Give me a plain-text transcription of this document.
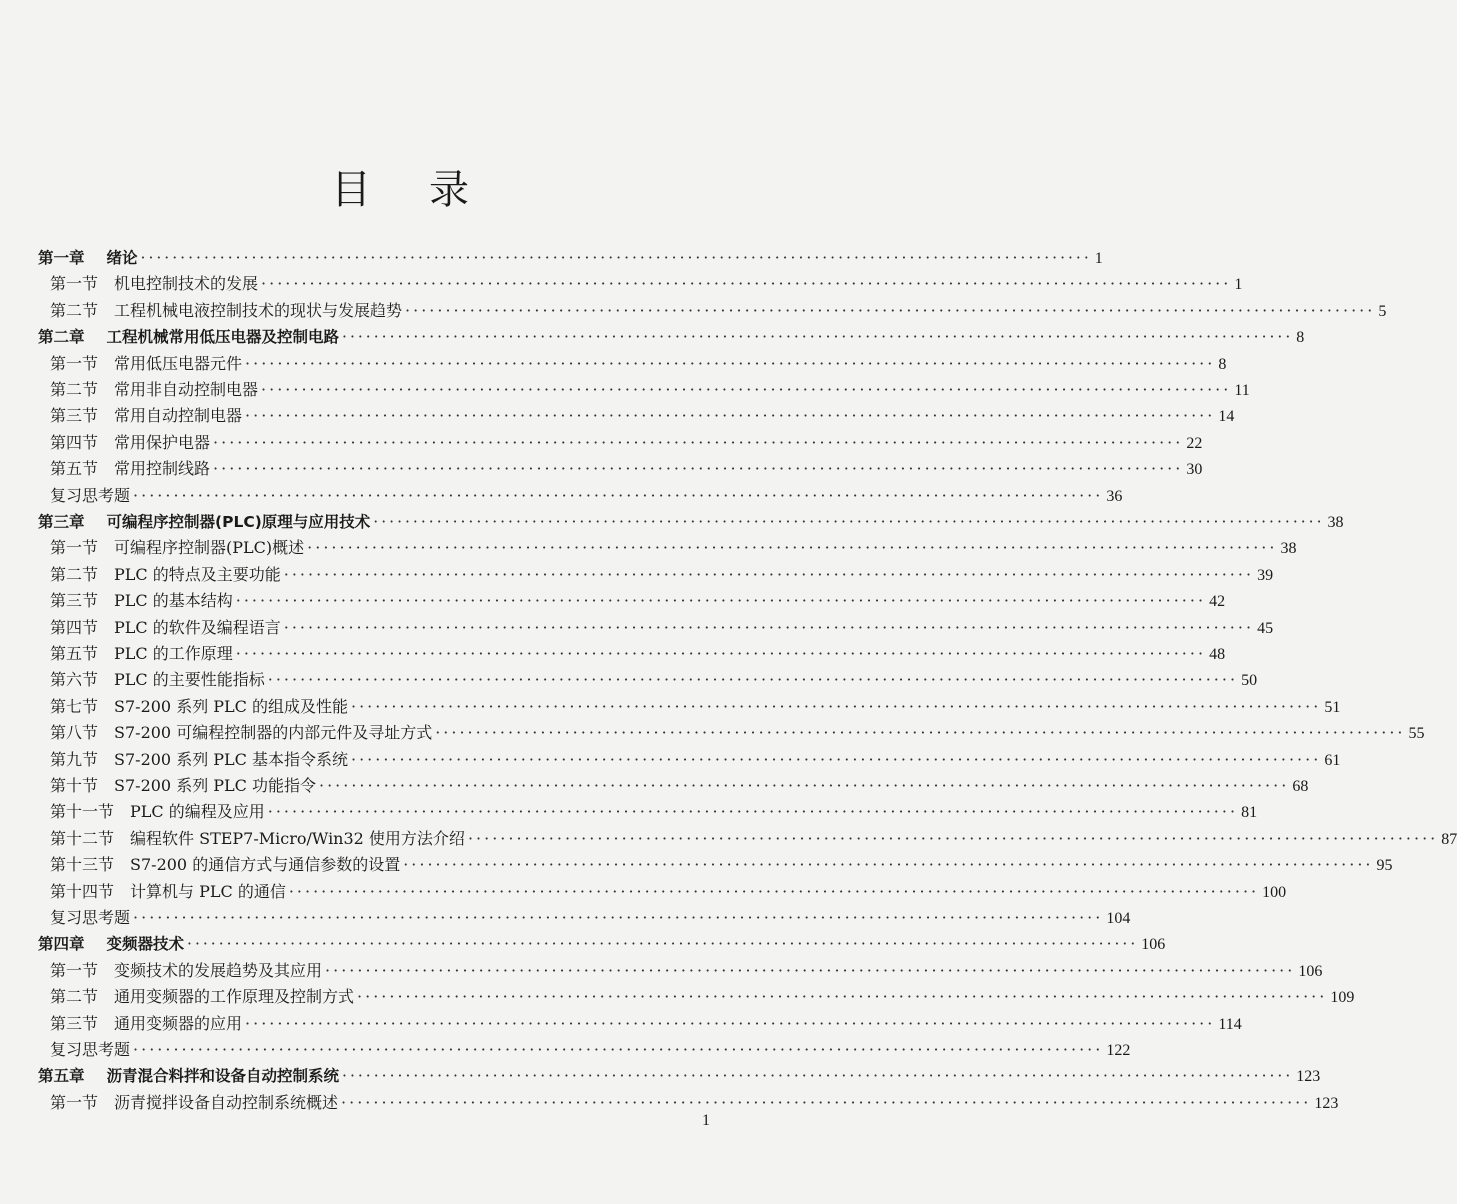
目录
第一章 绪论 ························································································································ 1
第一节 机电控制技术的发展 ························································································································ 1
第二节 工程机械电液控制技术的现状与发展趋势 ························································································································ 5
第二章 工程机械常用低压电器及控制电路 ························································································································ 8
第一节 常用低压电器元件 ························································································································ 8
第二节 常用非自动控制电器 ························································································································ 11
第三节 常用自动控制电器 ························································································································ 14
第四节 常用保护电器 ························································································································ 22
第五节 常用控制线路 ························································································································ 30
复习思考题 ························································································································ 36
第三章 可编程序控制器(PLC)原理与应用技术 ························································································································ 38
第一节 可编程序控制器(PLC)概述 ························································································································ 38
第二节 PLC 的特点及主要功能 ························································································································ 39
第三节 PLC 的基本结构 ························································································································ 42
第四节 PLC 的软件及编程语言 ························································································································ 45
第五节 PLC 的工作原理 ························································································································ 48
第六节 PLC 的主要性能指标 ························································································································ 50
第七节 S7-200 系列 PLC 的组成及性能 ························································································································ 51
第八节 S7-200 可编程控制器的内部元件及寻址方式 ························································································································ 55
第九节 S7-200 系列 PLC 基本指令系统 ························································································································ 61
第十节 S7-200 系列 PLC 功能指令 ························································································································ 68
第十一节 PLC 的编程及应用 ························································································································ 81
第十二节 编程软件 STEP7-Micro/Win32 使用方法介绍 ························································································································ 87
第十三节 S7-200 的通信方式与通信参数的设置 ························································································································ 95
第十四节 计算机与 PLC 的通信 ························································································································ 100
复习思考题 ························································································································ 104
第四章 变频器技术 ························································································································ 106
第一节 变频技术的发展趋势及其应用 ························································································································ 106
第二节 通用变频器的工作原理及控制方式 ························································································································ 109
第三节 通用变频器的应用 ························································································································ 114
复习思考题 ························································································································ 122
第五章 沥青混合料拌和设备自动控制系统 ························································································································ 123
第一节 沥青搅拌设备自动控制系统概述 ························································································································ 123
1
